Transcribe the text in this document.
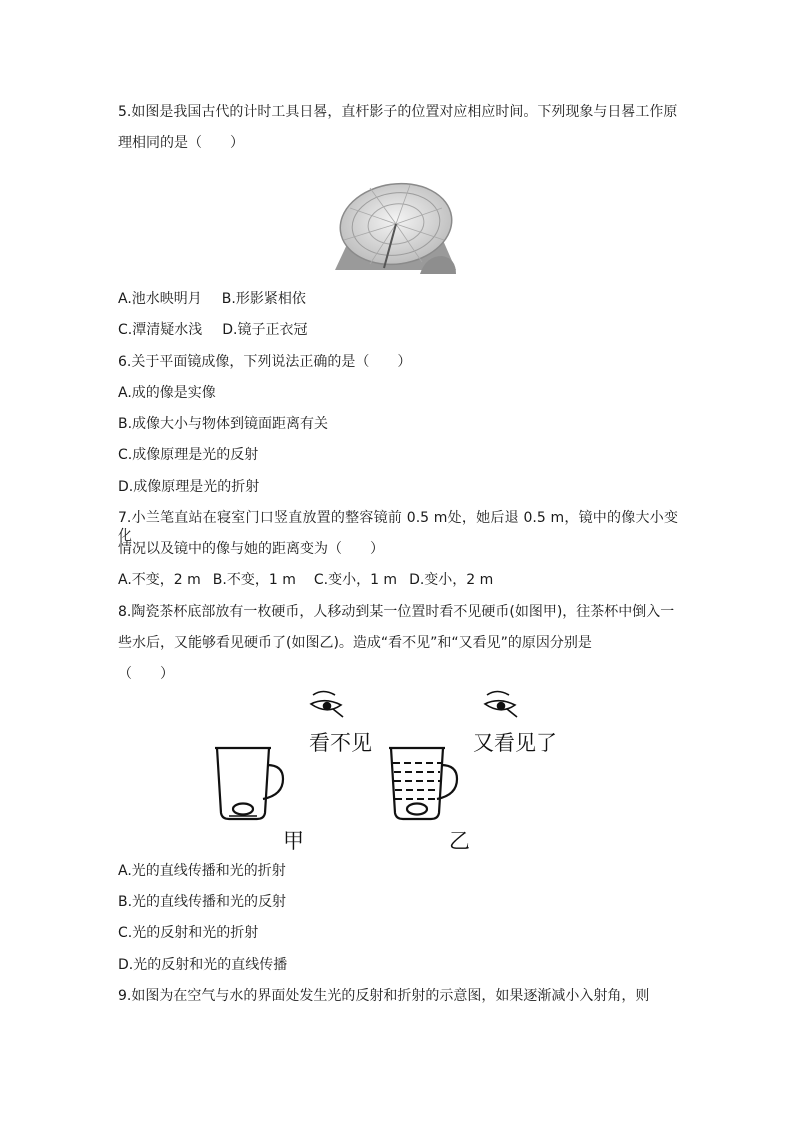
5.如图是我国古代的计时工具日晷，直杆影子的位置对应相应时间。下列现象与日晷工作原
理相同的是（　　）
A.池水映明月 B.形影紧相依
C.潭清疑水浅 D.镜子正衣冠
6.关于平面镜成像，下列说法正确的是（　　）
A.成的像是实像
B.成像大小与物体到镜面距离有关
C.成像原理是光的反射
D.成像原理是光的折射
7.小兰笔直站在寝室门口竖直放置的整容镜前 0.5 m处，她后退 0.5 m，镜中的像大小变化
情况以及镜中的像与她的距离变为（　　）
A.不变，2 m B.不变，1 m C.变小，1 m D.变小，2 m
8.陶瓷茶杯底部放有一枚硬币，人移动到某一位置时看不见硬币(如图甲)，往茶杯中倒入一
些水后，又能够看见硬币了(如图乙)。造成“看不见”和“又看见”的原因分别是
（　　）
看不见	又看见了
甲	乙
A.光的直线传播和光的折射
B.光的直线传播和光的反射
C.光的反射和光的折射
D.光的反射和光的直线传播
9.如图为在空气与水的界面处发生光的反射和折射的示意图，如果逐渐减小入射角，则
